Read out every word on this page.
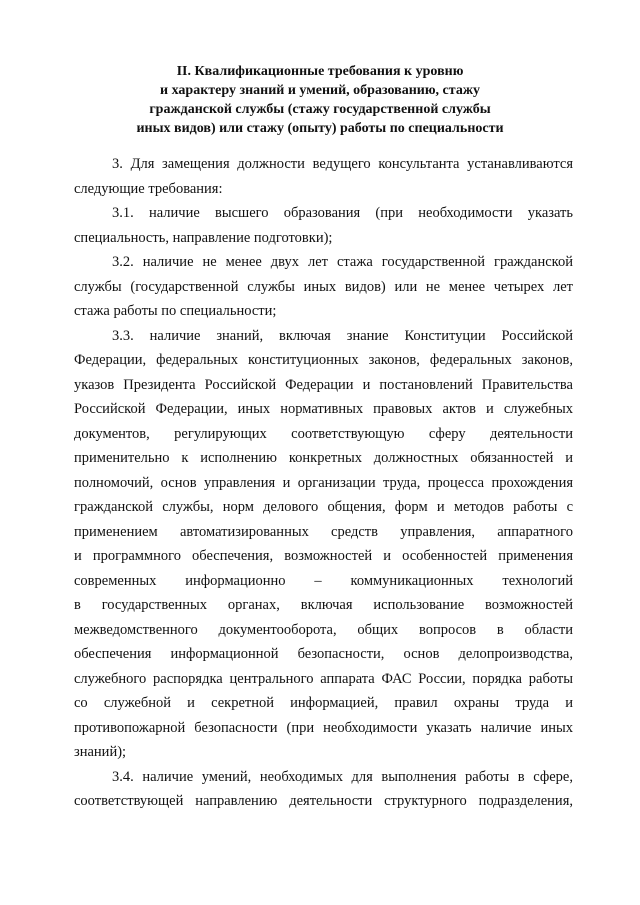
II. Квалификационные требования к уровню
и характеру знаний и умений, образованию, стажу
гражданской службы (стажу государственной службы
иных видов) или стажу (опыту) работы по специальности

3. Для замещения должности ведущего консультанта устанавливаются
следующие требования:

3.1. наличие высшего образования (при необходимости указать
специальность, направление подготовки);

3.2. наличие не менее двух лет стажа государственной гражданской
службы (государственной службы иных видов) или не менее четырех лет
стажа работы по специальности;

3.3. наличие знаний, включая знание Конституции Российской
Федерации, федеральных конституционных законов, федеральных законов,
указов Президента Российской Федерации и постановлений Правительства
Российской Федерации, иных нормативных правовых актов и служебных
документов, регулирующих соответствующую сферу деятельности
применительно к исполнению конкретных должностных обязанностей и
полномочий, основ управления и организации труда, процесса прохождения
гражданской службы, норм делового общения, форм и методов работы с
применением автоматизированных средств управления, аппаратного
и программного обеспечения, возможностей и особенностей применения
современных информационно – коммуникационных технологий
в государственных органах, включая использование возможностей
межведомственного документооборота, общих вопросов в области
обеспечения информационной безопасности, основ делопроизводства,
служебного распорядка центрального аппарата ФАС России, порядка работы
со служебной и секретной информацией, правил охраны труда и
противопожарной безопасности (при необходимости указать наличие иных
знаний);

3.4. наличие умений, необходимых для выполнения работы в сфере,
соответствующей направлению деятельности структурного подразделения,
